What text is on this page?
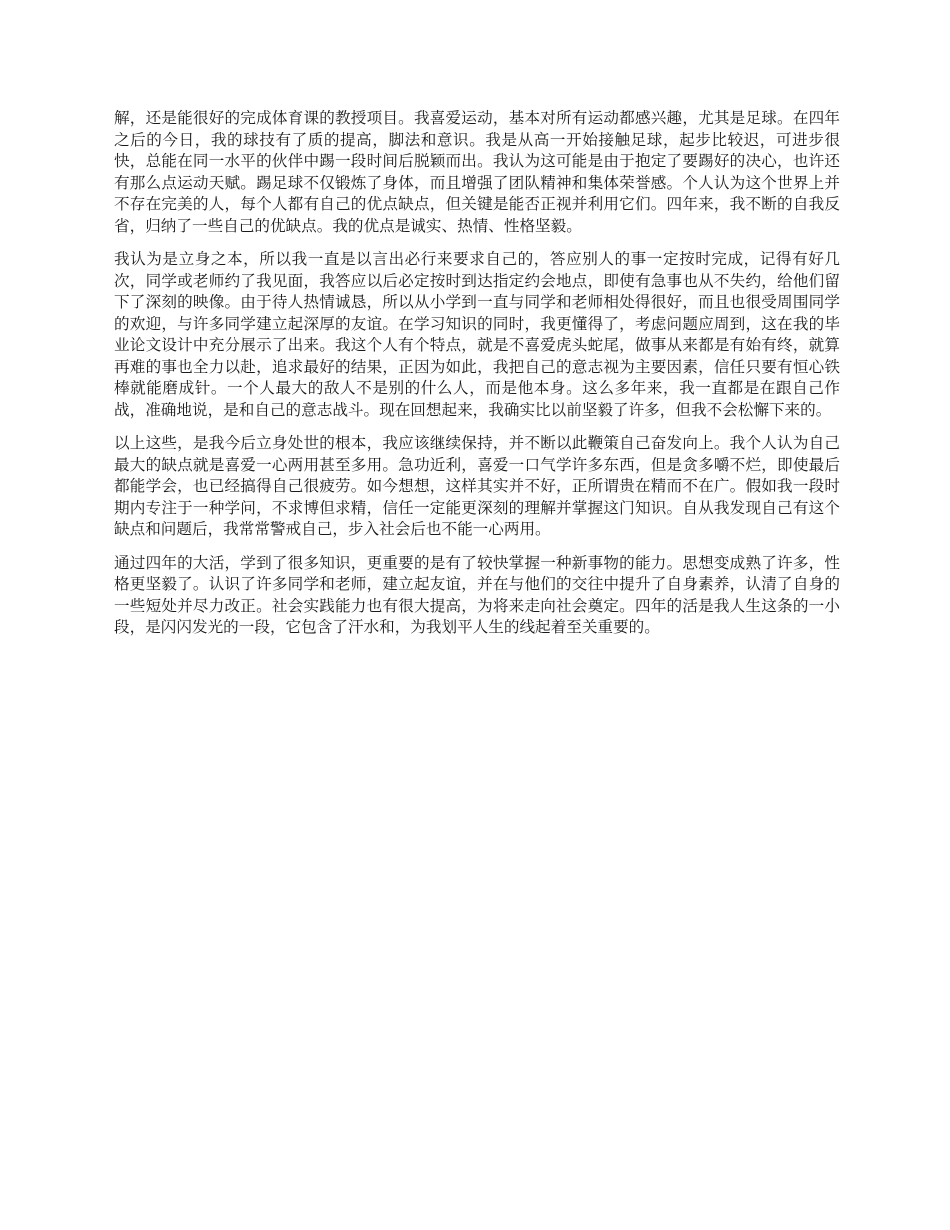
解，还是能很好的完成体育课的教授项目。我喜爱运动，基本对所有运动都感兴趣，尤其是足球。在四年之后的今日，我的球技有了质的提高，脚法和意识。我是从高一开始接触足球，起步比较迟，可进步很快，总能在同一水平的伙伴中踢一段时间后脱颖而出。我认为这可能是由于抱定了要踢好的决心，也许还有那么点运动天赋。踢足球不仅锻炼了身体，而且增强了团队精神和集体荣誉感。个人认为这个世界上并不存在完美的人，每个人都有自己的优点缺点，但关键是能否正视并利用它们。四年来，我不断的自我反省，归纳了一些自己的优缺点。我的优点是诚实、热情、性格坚毅。

我认为是立身之本，所以我一直是以言出必行来要求自己的，答应别人的事一定按时完成，记得有好几次，同学或老师约了我见面，我答应以后必定按时到达指定约会地点，即使有急事也从不失约，给他们留下了深刻的映像。由于待人热情诚恳，所以从小学到一直与同学和老师相处得很好，而且也很受周围同学的欢迎，与许多同学建立起深厚的友谊。在学习知识的同时，我更懂得了，考虑问题应周到，这在我的毕业论文设计中充分展示了出来。我这个人有个特点，就是不喜爱虎头蛇尾，做事从来都是有始有终，就算再难的事也全力以赴，追求最好的结果，正因为如此，我把自己的意志视为主要因素，信任只要有恒心铁棒就能磨成针。一个人最大的敌人不是别的什么人，而是他本身。这么多年来，我一直都是在跟自己作战，准确地说，是和自己的意志战斗。现在回想起来，我确实比以前坚毅了许多，但我不会松懈下来的。

以上这些，是我今后立身处世的根本，我应该继续保持，并不断以此鞭策自己奋发向上。我个人认为自己最大的缺点就是喜爱一心两用甚至多用。急功近利，喜爱一口气学许多东西，但是贪多嚼不烂，即使最后都能学会，也已经搞得自己很疲劳。如今想想，这样其实并不好，正所谓贵在精而不在广。假如我一段时期内专注于一种学问，不求博但求精，信任一定能更深刻的理解并掌握这门知识。自从我发现自己有这个缺点和问题后，我常常警戒自己，步入社会后也不能一心两用。

通过四年的大活，学到了很多知识，更重要的是有了较快掌握一种新事物的能力。思想变成熟了许多，性格更坚毅了。认识了许多同学和老师，建立起友谊，并在与他们的交往中提升了自身素养，认清了自身的一些短处并尽力改正。社会实践能力也有很大提高，为将来走向社会奠定。四年的活是我人生这条的一小段，是闪闪发光的一段，它包含了汗水和，为我划平人生的线起着至关重要的。
